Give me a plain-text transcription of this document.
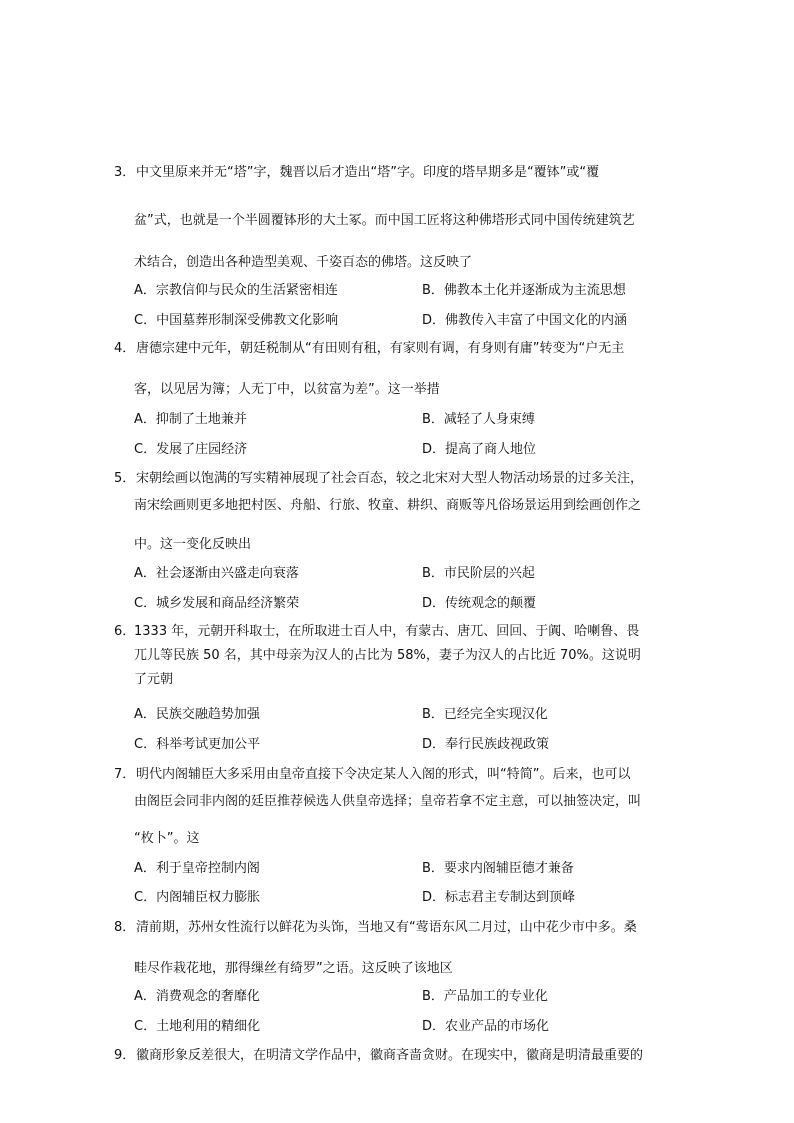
3． 中文里原来并无“塔”字，魏晋以后才造出“塔”字。印度的塔早期多是“覆钵”或“覆
盆”式，也就是一个半圆覆钵形的大土冢。而中国工匠将这种佛塔形式同中国传统建筑艺
术结合，创造出各种造型美观、千姿百态的佛塔。这反映了
A．宗教信仰与民众的生活紧密相连	B．佛教本土化并逐渐成为主流思想
C．中国墓葬形制深受佛教文化影响	D．佛教传入丰富了中国文化的内涵
4． 唐德宗建中元年，朝廷税制从“有田则有租，有家则有调，有身则有庸”转变为“户无主
客，以见居为簿；人无丁中，以贫富为差”。这一举措
A．抑制了土地兼并	B．减轻了人身束缚
C．发展了庄园经济	D．提高了商人地位
5． 宋朝绘画以饱满的写实精神展现了社会百态，较之北宋对大型人物活动场景的过多关注，
南宋绘画则更多地把村医、舟船、行旅、牧童、耕织、商贩等凡俗场景运用到绘画创作之
中。这一变化反映出
A．社会逐渐由兴盛走向衰落	B．市民阶层的兴起
C．城乡发展和商品经济繁荣	D．传统观念的颠覆
6．
1333 年，元朝开科取士，在所取进士百人中，有蒙古、唐兀、回回、于阗、哈喇鲁、畏
兀儿等民族 50 名，其中母亲为汉人的占比为 58%，妻子为汉人的占比近 70%。这说明
了元朝
A．民族交融趋势加强	B．已经完全实现汉化
C．科举考试更加公平	D．奉行民族歧视政策
7． 明代内阁辅臣大多采用由皇帝直接下令决定某人入阁的形式，叫“特简”。后来，也可以
由阁臣会同非内阁的廷臣推荐候选人供皇帝选择；皇帝若拿不定主意，可以抽签决定，叫
“枚卜”。这
A．利于皇帝控制内阁	B．要求内阁辅臣德才兼备
C．内阁辅臣权力膨胀	D．标志君主专制达到顶峰
8． 清前期，苏州女性流行以鲜花为头饰，当地又有“莺语东风二月过，山中花少市中多。桑
畦尽作栽花地，那得缫丝有绮罗”之语。这反映了该地区
A．消费观念的奢靡化	B．产品加工的专业化
C．土地利用的精细化	D．农业产品的市场化
9． 徽商形象反差很大，在明清文学作品中，徽商吝啬贪财。在现实中，徽商是明清最重要的
